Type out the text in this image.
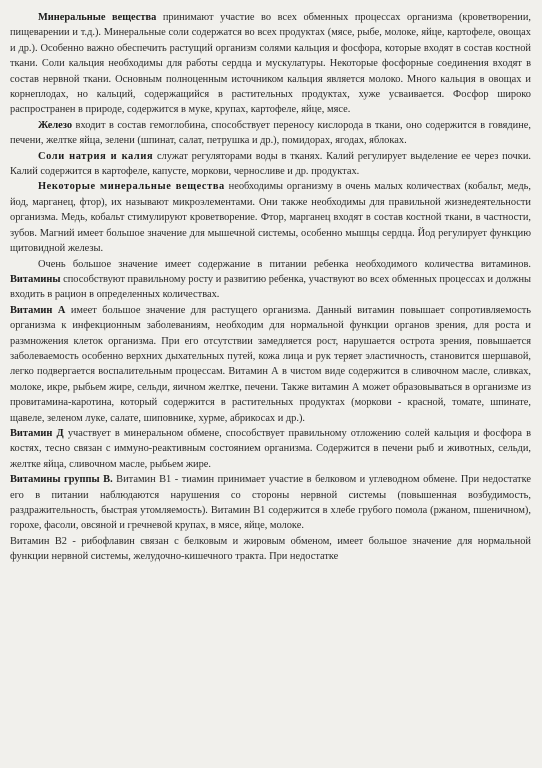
Минеральные вещества принимают участие во всех обменных процессах организма (кроветворении, пищеварении и т.д.). Минеральные соли содержатся во всех продуктах (мясе, рыбе, молоке, яйце, картофеле, овощах и др.). Особенно важно обеспечить растущий организм солями кальция и фосфора, которые входят в состав костной ткани. Соли кальция необходимы для работы сердца и мускулатуры. Некоторые фосфорные соединения входят в состав нервной ткани. Основным полноценным источником кальция является молоко. Много кальция в овощах и корнеплодах, но кальций, содержащийся в растительных продуктах, хуже усваивается. Фосфор широко распространен в природе, содержится в муке, крупах, картофеле, яйце, мясе.

Железо входит в состав гемоглобина, способствует переносу кислорода в ткани, оно содержится в говядине, печени, желтке яйца, зелени (шпинат, салат, петрушка и др.), помидорах, ягодах, яблоках.

Соли натрия и калия служат регуляторами воды в тканях. Калий регулирует выделение ее через почки. Калий содержится в картофеле, капусте, моркови, черносливе и др. продуктах.

Некоторые минеральные вещества необходимы организму в очень малых количествах (кобальт, медь, йод, марганец, фтор), их называют микроэлементами. Они также необходимы для правильной жизнедеятельности организма. Медь, кобальт стимулируют кроветворение. Фтор, марганец входят в состав костной ткани, в частности, зубов. Магний имеет большое значение для мышечной системы, особенно мышцы сердца. Йод регулирует функцию щитовидной железы.

Очень большое значение имеет содержание в питании ребенка необходимого количества витаминов. Витамины способствуют правильному росту и развитию ребенка, участвуют во всех обменных процессах и должны входить в рацион в определенных количествах.

Витамин А имеет большое значение для растущего организма. Данный витамин повышает сопротивляемость организма к инфекционным заболеваниям, необходим для нормальной функции органов зрения, для роста и размножения клеток организма. При его отсутствии замедляется рост, нарушается острота зрения, повышается заболеваемость особенно верхних дыхательных путей, кожа лица и рук теряет эластичность, становится шершавой, легко подвергается воспалительным процессам. Витамин А в чистом виде содержится в сливочном масле, сливках, молоке, икре, рыбьем жире, сельди, яичном желтке, печени. Также витамин А может образовываться в организме из провитамина-каротина, который содержится в растительных продуктах (моркови - красной, томате, шпинате, щавеле, зеленом луке, салате, шиповнике, хурме, абрикосах и др.).

Витамин Д участвует в минеральном обмене, способствует правильному отложению солей кальция и фосфора в костях, тесно связан с иммуно-реактивным состоянием организма. Содержится в печени рыб и животных, сельди, желтке яйца, сливочном масле, рыбьем жире.

Витамины группы В. Витамин В1 - тиамин принимает участие в белковом и углеводном обмене. При недостатке его в питании наблюдаются нарушения со стороны нервной системы (повышенная возбудимость, раздражительность, быстрая утомляемость). Витамин В1 содержится в хлебе грубого помола (ржаном, пшеничном), горохе, фасоли, овсяной и гречневой крупах, в мясе, яйце, молоке.

Витамин В2 - рибофлавин связан с белковым и жировым обменом, имеет большое значение для нормальной функции нервной системы, желудочно-кишечного тракта. При недостатке
